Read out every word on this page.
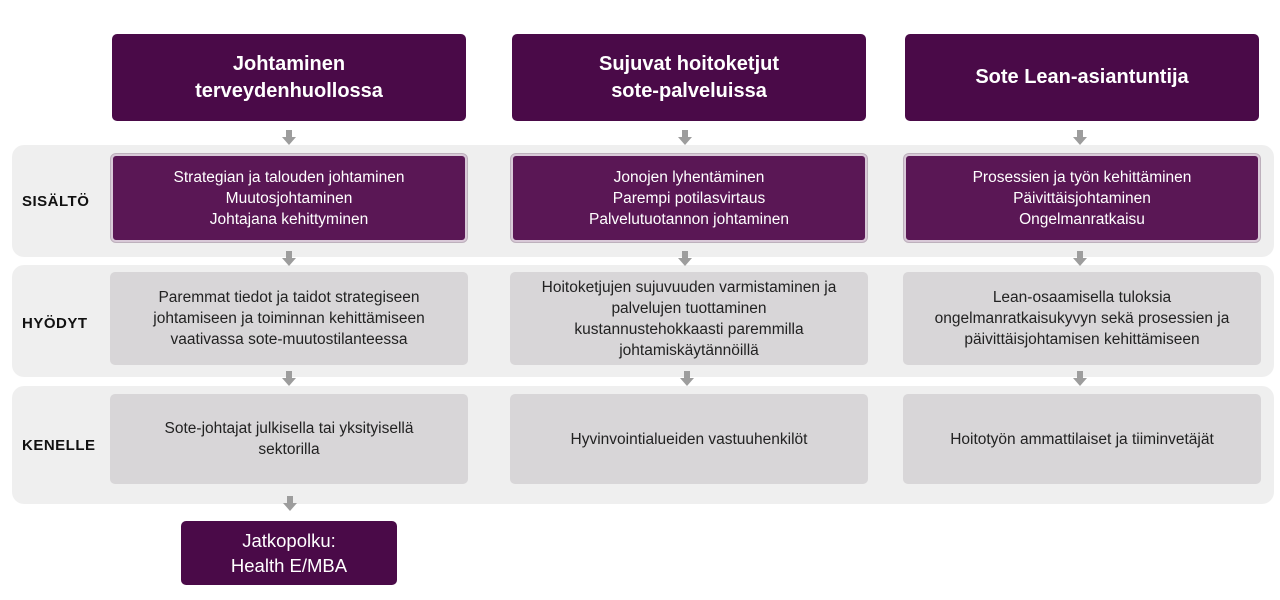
SISÄLTÖ
HYÖDYT
KENELLE
Johtaminen
terveydenhuollossa
Strategian ja talouden johtaminen
Muutosjohtaminen
Johtajana kehittyminen
Paremmat tiedot ja taidot strategiseen
johtamiseen ja toiminnan kehittämiseen
vaativassa sote-muutostilanteessa
Sote-johtajat julkisella tai yksityisellä
sektorilla
Sujuvat hoitoketjut
sote-palveluissa
Jonojen lyhentäminen
Parempi potilasvirtaus
Palvelutuotannon johtaminen
Hoitoketjujen sujuvuuden varmistaminen ja
palvelujen tuottaminen
kustannustehokkaasti paremmilla
johtamiskäytännöillä
Hyvinvointialueiden vastuuhenkilöt
Sote Lean-asiantuntija
Prosessien ja työn kehittäminen
Päivittäisjohtaminen
Ongelmanratkaisu
Lean-osaamisella tuloksia
ongelmanratkaisukyvyn sekä prosessien ja
päivittäisjohtamisen kehittämiseen
Hoitotyön ammattilaiset ja tiiminvetäjät
Jatkopolku:
Health E/MBA
